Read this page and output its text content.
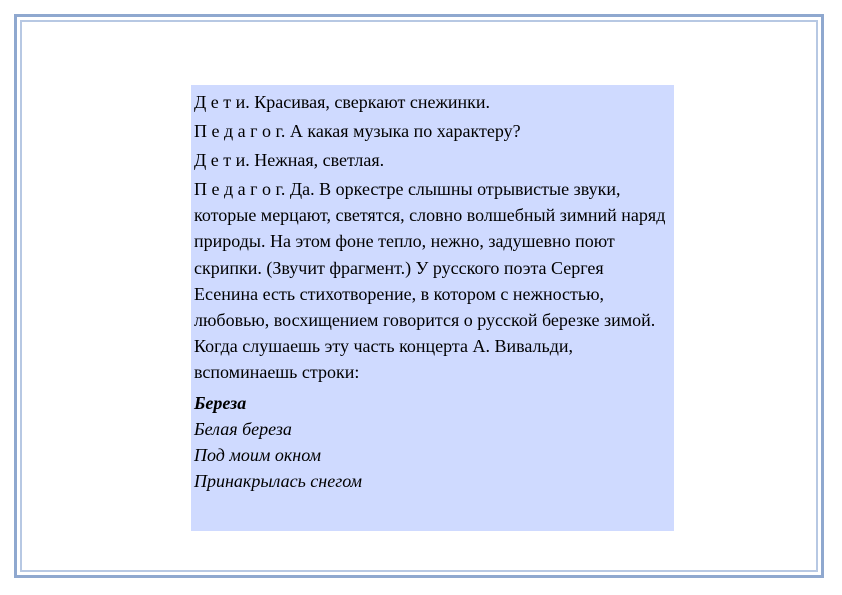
Д е т и. Красивая, сверкают снежинки.

П е д а г о г. А какая музыка по характеру?

Д е т и. Нежная, светлая.

П е д а г о г. Да. В оркестре слышны отрывистые звуки, которые мерцают, светятся, словно волшебный зимний наряд природы. На этом фоне тепло, нежно, задушевно поют скрипки. (Звучит фрагмент.) У русского поэта Сергея Есенина есть стихотворение, в котором с нежностью, любовью, восхищением говорится о русской березке зимой. Когда слушаешь эту часть концерта А. Вивальди, вспоминаешь строки:

Береза
Белая береза
Под моим окном
Принакрылась снегом
